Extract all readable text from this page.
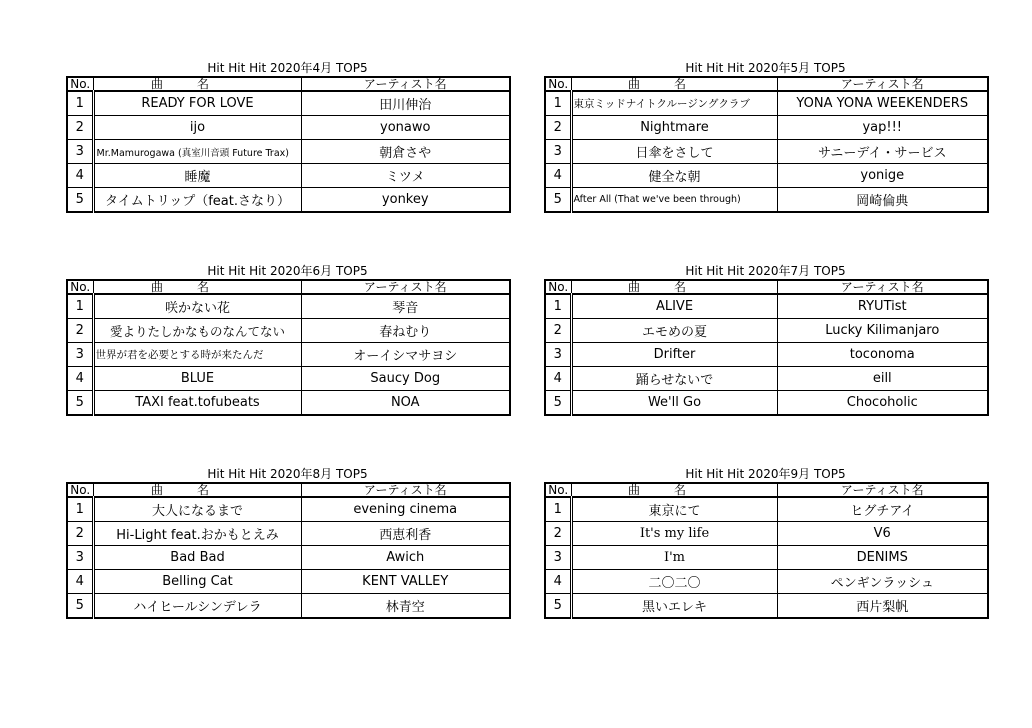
Hit Hit Hit 2020年4月 TOP5
No.	曲名	アーティスト名
1	READY FOR LOVE	田川伸治
2	ijo	yonawo
3	Mr.Mamurogawa (真室川音頭 Future Trax)	朝倉さや
4	睡魔	ミツメ
5	タイムトリップ（feat.さなり）	yonkey
Hit Hit Hit 2020年5月 TOP5
No.	曲名	アーティスト名
1	東京ミッドナイトクルージングクラブ	YONA YONA WEEKENDERS
2	Nightmare	yap!!!
3	日傘をさして	サニーデイ・サービス
4	健全な朝	yonige
5	After All (That we've been through)	岡崎倫典
Hit Hit Hit 2020年6月 TOP5
No.	曲名	アーティスト名
1	咲かない花	琴音
2	愛よりたしかなものなんてない	春ねむり
3	世界が君を必要とする時が来たんだ	オーイシマサヨシ
4	BLUE	Saucy Dog
5	TAXI feat.tofubeats	NOA
Hit Hit Hit 2020年7月 TOP5
No.	曲名	アーティスト名
1	ALIVE	RYUTist
2	エモめの夏	Lucky Kilimanjaro
3	Drifter	toconoma
4	踊らせないで	eill
5	We'll Go	Chocoholic
Hit Hit Hit 2020年8月 TOP5
No.	曲名	アーティスト名
1	大人になるまで	evening cinema
2	Hi-Light feat.おかもとえみ	西恵利香
3	Bad Bad	Awich
4	Belling Cat	KENT VALLEY
5	ハイヒールシンデレラ	林青空
Hit Hit Hit 2020年9月 TOP5
No.	曲名	アーティスト名
1	東京にて	ヒグチアイ
2	It's my life	V6
3	I'm	DENIMS
4	二〇二〇	ペンギンラッシュ
5	黒いエレキ	西片梨帆
